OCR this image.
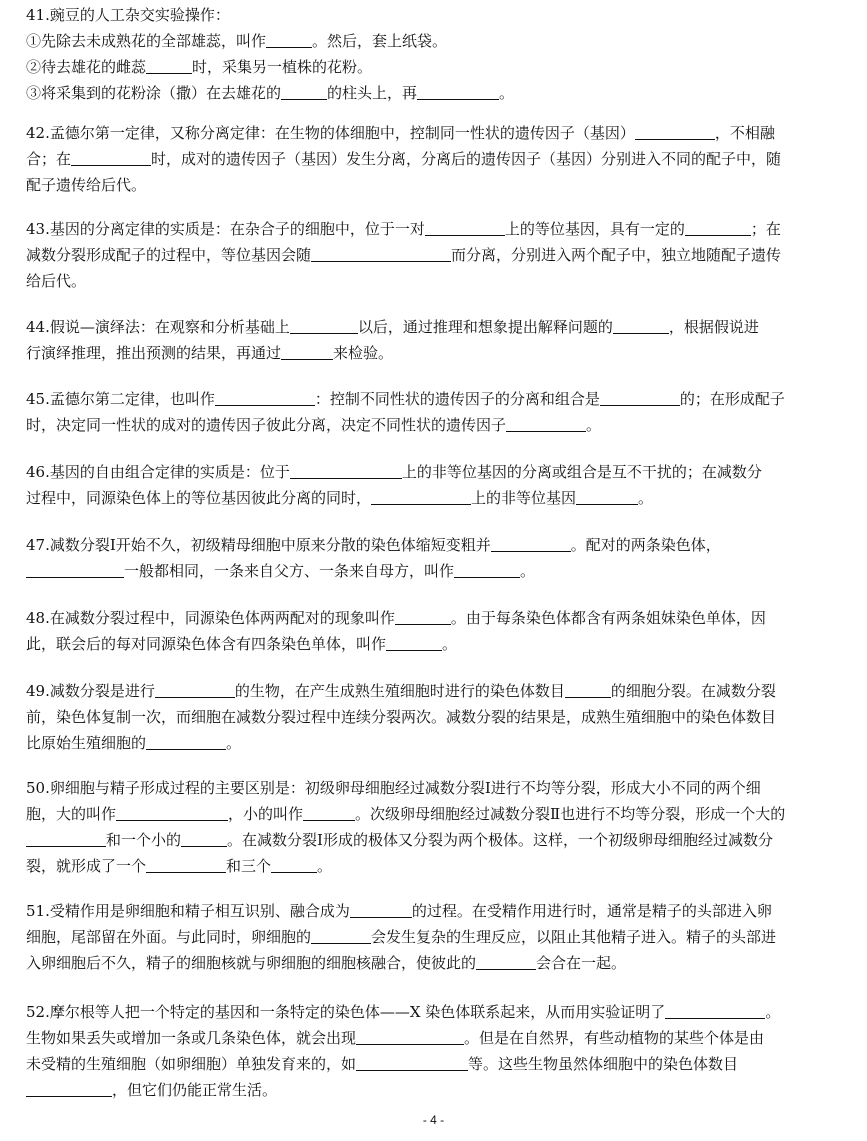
41.豌豆的人工杂交实验操作：
①先除去未成熟花的全部雄蕊，叫作	。然后，套上纸袋。
②待去雄花的雌蕊	时，采集另一植株的花粉。
③将采集到的花粉涂（撒）在去雄花的	的柱头上，再	。
42.孟德尔第一定律，又称分离定律：在生物的体细胞中，控制同一性状的遗传因子（基因）	，不相融
合；在	时，成对的遗传因子（基因）发生分离，分离后的遗传因子（基因）分别进入不同的配子中，随
配子遗传给后代。
43.基因的分离定律的实质是：在杂合子的细胞中，位于一对	上的等位基因，具有一定的	；在
减数分裂形成配子的过程中，等位基因会随	而分离，分别进入两个配子中，独立地随配子遗传
给后代。
44.假说—演绎法：在观察和分析基础上	以后，通过推理和想象提出解释问题的	，根据假说进
行演绎推理，推出预测的结果，再通过	来检验。
45.孟德尔第二定律，也叫作	：控制不同性状的遗传因子的分离和组合是	的；在形成配子
时，决定同一性状的成对的遗传因子彼此分离，决定不同性状的遗传因子	。
46.基因的自由组合定律的实质是：位于	上的非等位基因的分离或组合是互不干扰的；在减数分
过程中，同源染色体上的等位基因彼此分离的同时，	上的非等位基因	。
47.减数分裂Ⅰ开始不久，初级精母细胞中原来分散的染色体缩短变粗并	。配对的两条染色体，
一般都相同，一条来自父方、一条来自母方，叫作	。
48.在减数分裂过程中，同源染色体两两配对的现象叫作	。由于每条染色体都含有两条姐妹染色单体，因
此，联会后的每对同源染色体含有四条染色单体，叫作	。
49.减数分裂是进行	的生物，在产生成熟生殖细胞时进行的染色体数目	的细胞分裂。在减数分裂
前，染色体复制一次，而细胞在减数分裂过程中连续分裂两次。减数分裂的结果是，成熟生殖细胞中的染色体数目
比原始生殖细胞的	。
50.卵细胞与精子形成过程的主要区别是：初级卵母细胞经过减数分裂Ⅰ进行不均等分裂，形成大小不同的两个细
胞，大的叫作	，小的叫作	。次级卵母细胞经过减数分裂Ⅱ也进行不均等分裂，形成一个大的
和一个小的	。在减数分裂Ⅰ形成的极体又分裂为两个极体。这样，一个初级卵母细胞经过减数分
裂，就形成了一个	和三个	。
51.受精作用是卵细胞和精子相互识别、融合成为	的过程。在受精作用进行时，通常是精子的头部进入卵
细胞，尾部留在外面。与此同时，卵细胞的	会发生复杂的生理反应，以阻止其他精子进入。精子的头部进
入卵细胞后不久，精子的细胞核就与卵细胞的细胞核融合，使彼此的	会合在一起。
52.摩尔根等人把一个特定的基因和一条特定的染色体——X 染色体联系起来，从而用实验证明了	。
生物如果丢失或增加一条或几条染色体，就会出现	。但是在自然界，有些动植物的某些个体是由
未受精的生殖细胞（如卵细胞）单独发育来的，如	等。这些生物虽然体细胞中的染色体数目
，但它们仍能正常生活。
- 4 -
